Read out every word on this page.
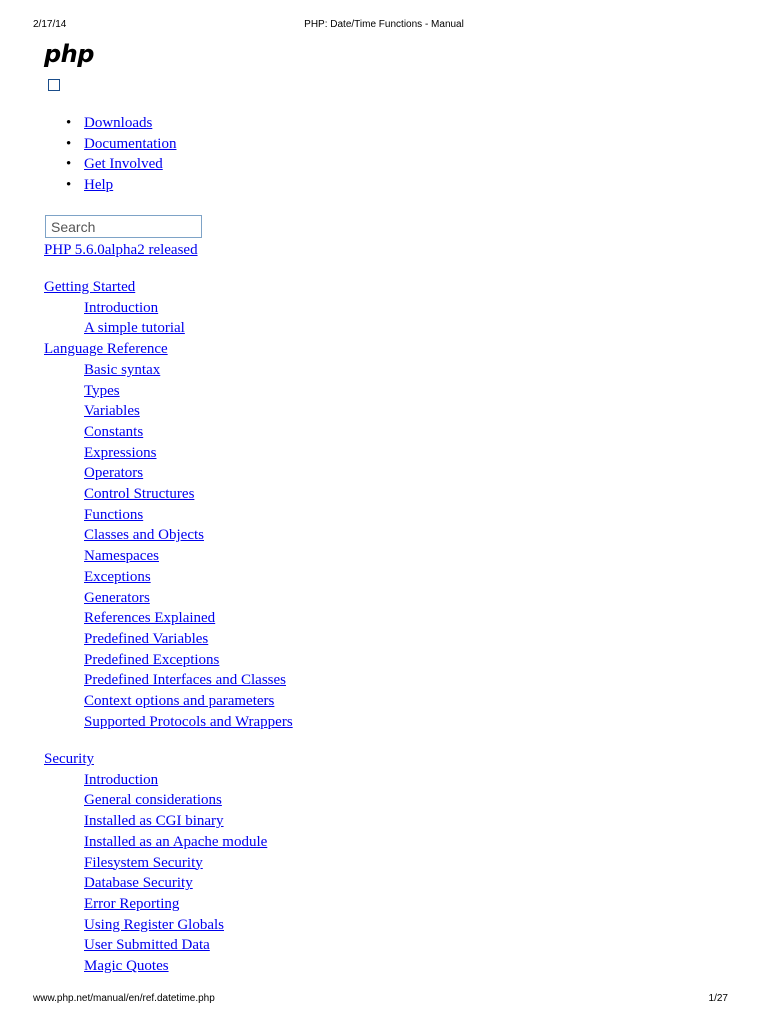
2/17/14	PHP: Date/Time Functions - Manual
php
• Downloads
• Documentation
• Get Involved
• Help
Search
PHP 5.6.0alpha2 released
Getting Started
Introduction
A simple tutorial
Language Reference
Basic syntax
Types
Variables
Constants
Expressions
Operators
Control Structures
Functions
Classes and Objects
Namespaces
Exceptions
Generators
References Explained
Predefined Variables
Predefined Exceptions
Predefined Interfaces and Classes
Context options and parameters
Supported Protocols and Wrappers
Security
Introduction
General considerations
Installed as CGI binary
Installed as an Apache module
Filesystem Security
Database Security
Error Reporting
Using Register Globals
User Submitted Data
Magic Quotes
www.php.net/manual/en/ref.datetime.php	1/27
